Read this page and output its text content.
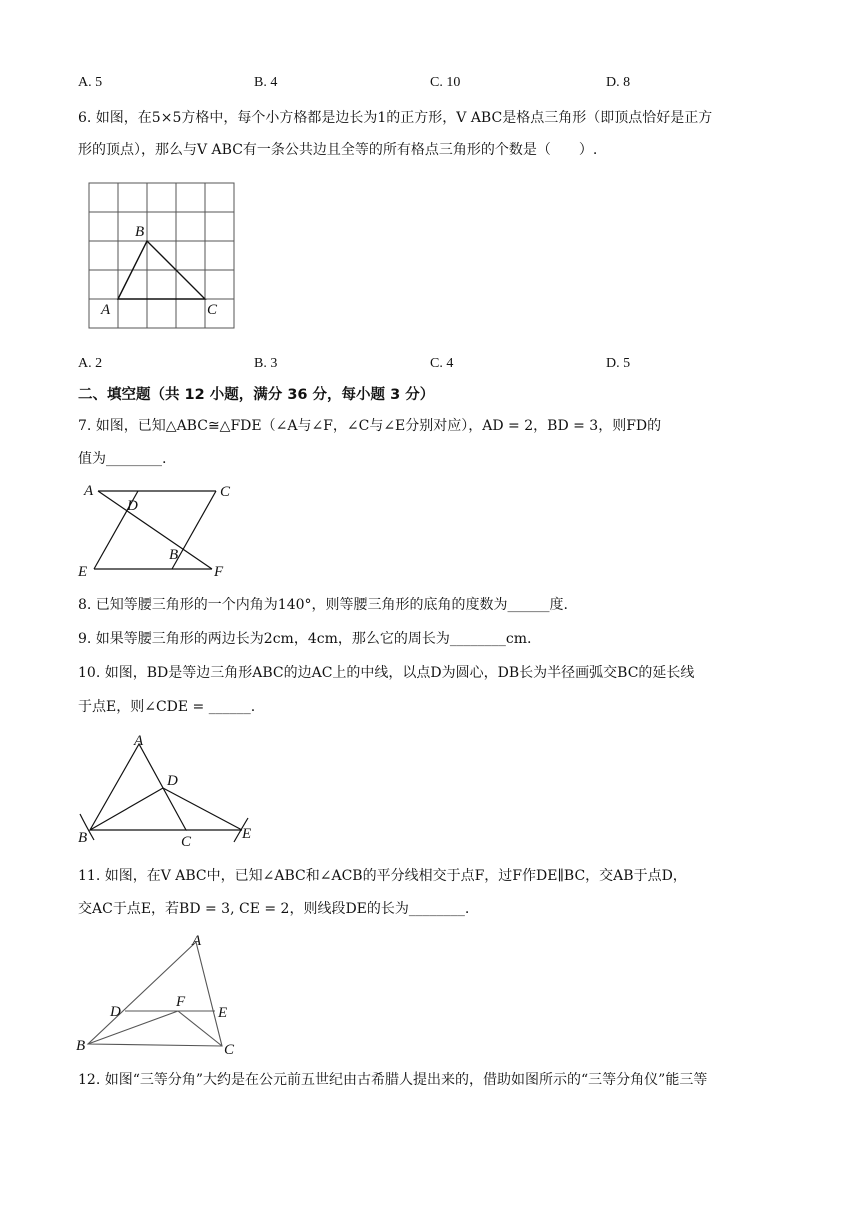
A. 5	B. 4	C. 10	D. 8
6. 如图，在5×5方格中，每个小方格都是边长为1的正方形，V ABC是格点三角形（即顶点恰好是正方
形的顶点），那么与V ABC有一条公共边且全等的所有格点三角形的个数是（　　）.
B
A	C
A. 2	B. 3	C. 4	D. 5
二、填空题（共 12 小题，满分 36 分，每小题 3 分）
7. 如图，已知△ABC≅△FDE（∠A与∠F，∠C与∠E分别对应），AD = 2，BD = 3，则FD的
值为________.
A	C
D
B
E	F
8. 已知等腰三角形的一个内角为140°，则等腰三角形的底角的度数为______度.
9. 如果等腰三角形的两边长为2cm，4cm，那么它的周长为________cm.
10. 如图，BD是等边三角形ABC的边AC上的中线，以点D为圆心，DB长为半径画弧交BC的延长线
于点E，则∠CDE = ______.
A
D
B	C	E
11. 如图，在V ABC中，已知∠ABC和∠ACB的平分线相交于点F，过F作DE∥BC，交AB于点D，
交AC于点E，若BD = 3, CE = 2，则线段DE的长为________.
A
D
F
E
B	C
12. 如图“三等分角”大约是在公元前五世纪由古希腊人提出来的，借助如图所示的“三等分角仪”能三等
